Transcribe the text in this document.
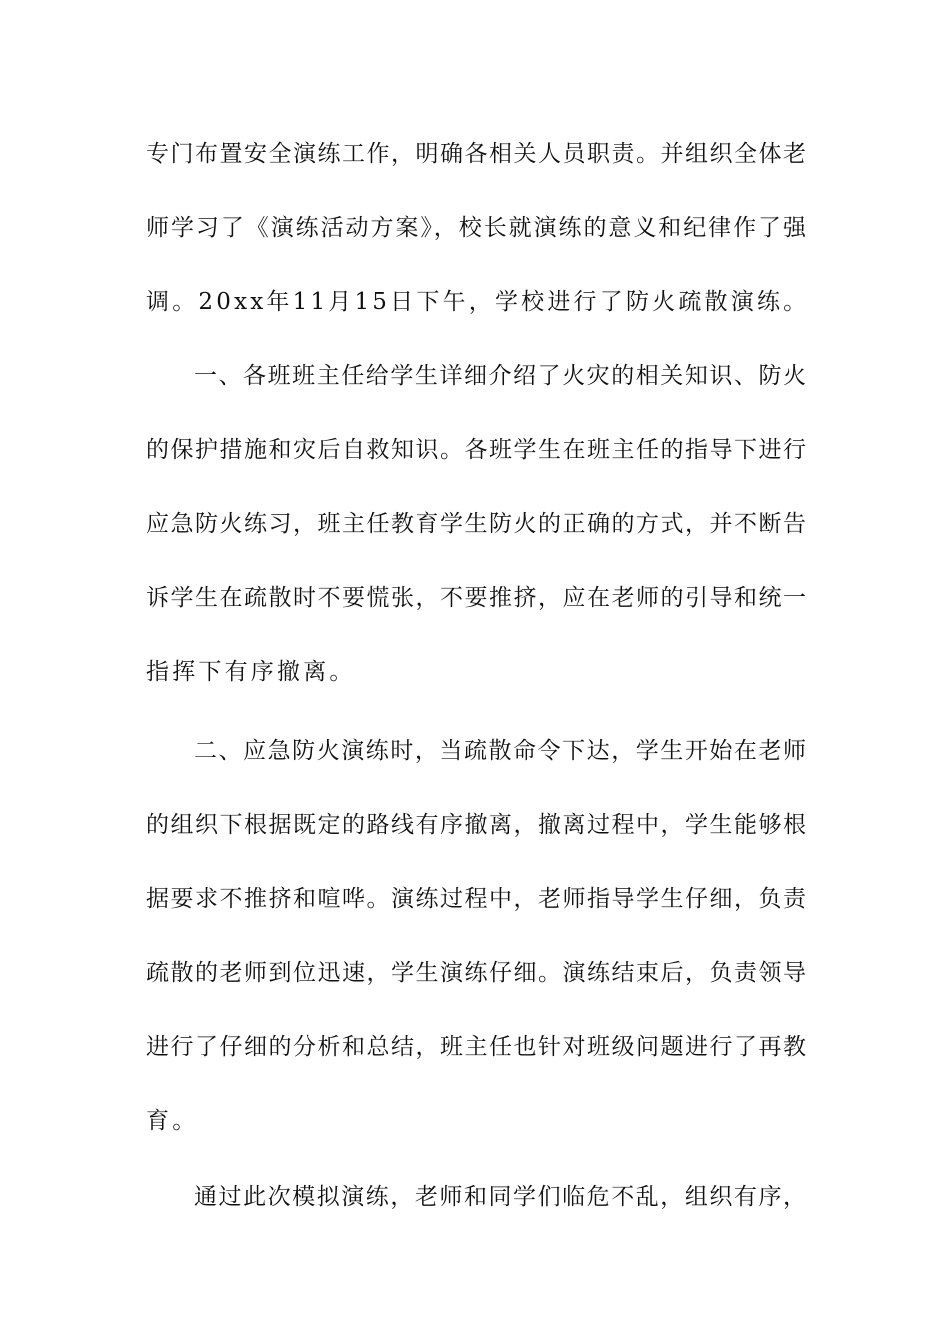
专门布置安全演练工作，明确各相关人员职责。并组织全体老
师学习了《演练活动方案》，校长就演练的意义和纪律作了强
调。20xx年11月15日下午，学校进行了防火疏散演练。
一、各班班主任给学生详细介绍了火灾的相关知识、防火
的保护措施和灾后自救知识。各班学生在班主任的指导下进行
应急防火练习，班主任教育学生防火的正确的方式，并不断告
诉学生在疏散时不要慌张，不要推挤，应在老师的引导和统一
指挥下有序撤离。
二、应急防火演练时，当疏散命令下达，学生开始在老师
的组织下根据既定的路线有序撤离，撤离过程中，学生能够根
据要求不推挤和喧哗。演练过程中，老师指导学生仔细，负责
疏散的老师到位迅速，学生演练仔细。演练结束后，负责领导
进行了仔细的分析和总结，班主任也针对班级问题进行了再教
育。
通过此次模拟演练，老师和同学们临危不乱，组织有序，
